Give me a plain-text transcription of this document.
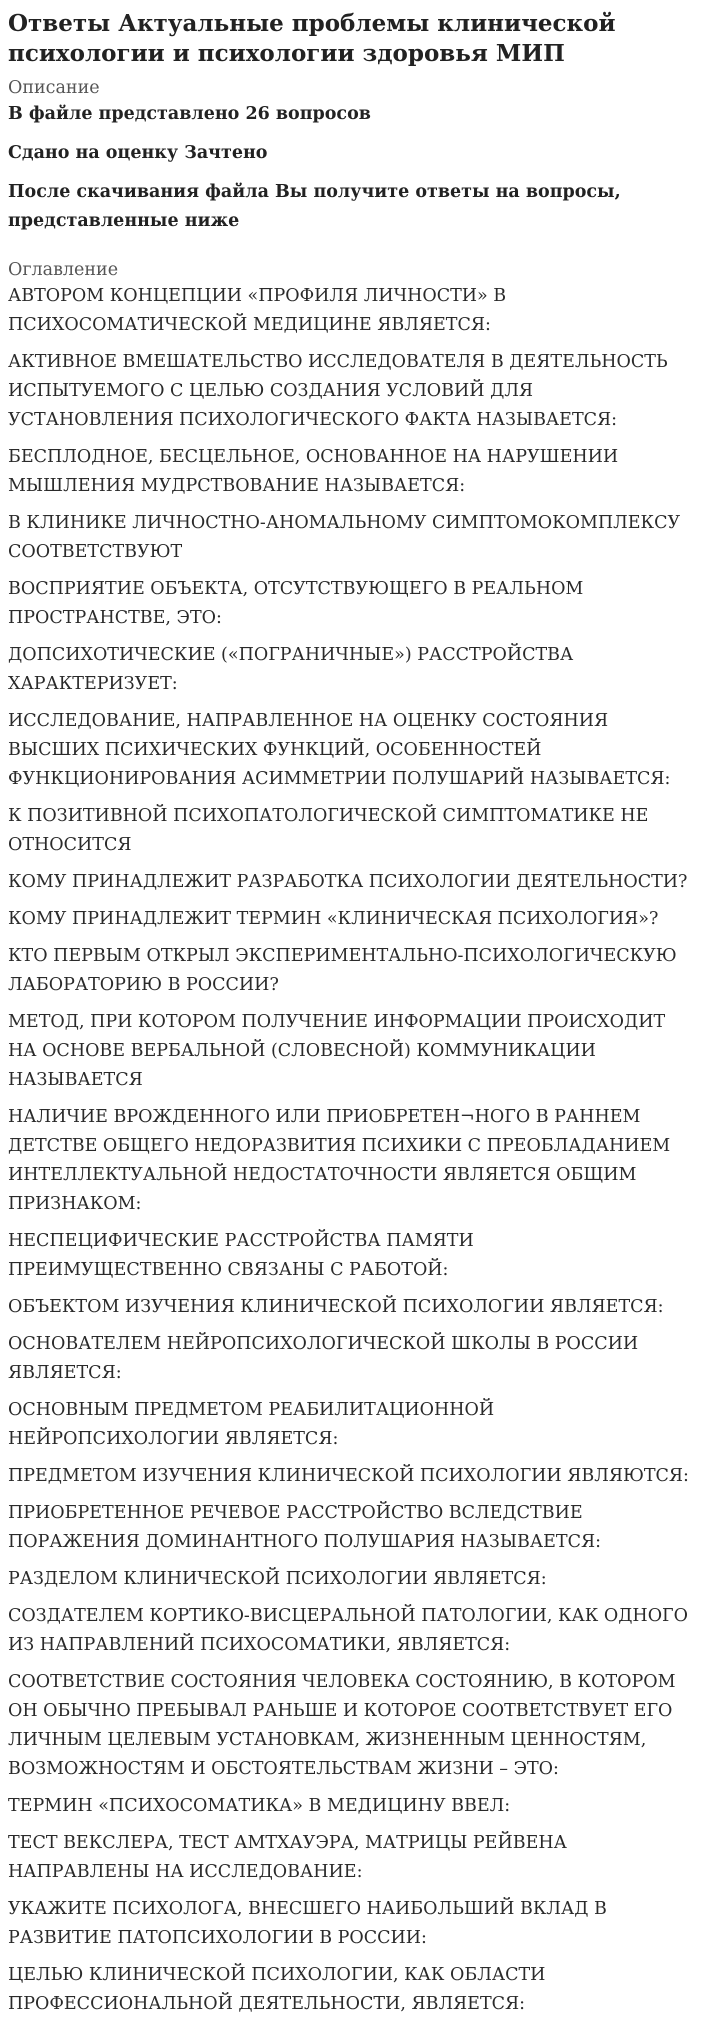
Ответы Актуальные проблемы клинической психологии и психологии здоровья МИП
Описание

В файле представлено 26 вопросов

Сдано на оценку Зачтено

После скачивания файла Вы получите ответы на вопросы, представленные ниже

Оглавление
АВТОРОМ КОНЦЕПЦИИ «ПРОФИЛЯ ЛИЧНОСТИ» В ПСИХОСОМАТИЧЕСКОЙ МЕДИЦИНЕ ЯВЛЯЕТСЯ:
АКТИВНОЕ ВМЕШАТЕЛЬСТВО ИССЛЕДОВАТЕЛЯ В ДЕЯТЕЛЬНОСТЬ ИСПЫТУЕМОГО С ЦЕЛЬЮ СОЗДАНИЯ УСЛОВИЙ ДЛЯ УСТАНОВЛЕНИЯ ПСИХОЛОГИЧЕСКОГО ФАКТА НАЗЫВАЕТСЯ:
БЕСПЛОДНОЕ, БЕСЦЕЛЬНОЕ, ОСНОВАННОЕ НА НАРУШЕНИИ МЫШЛЕНИЯ МУДРСТВОВАНИЕ НАЗЫВАЕТСЯ:
В КЛИНИКЕ ЛИЧНОСТНО-АНОМАЛЬНОМУ СИМПТОМОКОМПЛЕКСУ СООТВЕТСТВУЮТ
ВОСПРИЯТИЕ ОБЪЕКТА, ОТСУТСТВУЮЩЕГО В РЕАЛЬНОМ ПРОСТРАНСТВЕ, ЭТО:
ДОПСИХОТИЧЕСКИЕ («ПОГРАНИЧНЫЕ») РАССТРОЙСТВА ХАРАКТЕРИЗУЕТ:
ИССЛЕДОВАНИЕ, НАПРАВЛЕННОЕ НА ОЦЕНКУ СОСТОЯНИЯ ВЫСШИХ ПСИХИЧЕСКИХ ФУНКЦИЙ, ОСОБЕННОСТЕЙ ФУНКЦИОНИРОВАНИЯ АСИММЕТРИИ ПОЛУШАРИЙ НАЗЫВАЕТСЯ:
К ПОЗИТИВНОЙ ПСИХОПАТОЛОГИЧЕСКОЙ СИМПТОМАТИКЕ НЕ ОТНОСИТСЯ
КОМУ ПРИНАДЛЕЖИТ РАЗРАБОТКА ПСИХОЛОГИИ ДЕЯТЕЛЬНОСТИ?
КОМУ ПРИНАДЛЕЖИТ ТЕРМИН «КЛИНИЧЕСКАЯ ПСИХОЛОГИЯ»?
КТО ПЕРВЫМ ОТКРЫЛ ЭКСПЕРИМЕНТАЛЬНО-ПСИХОЛОГИЧЕСКУЮ ЛАБОРАТОРИЮ В РОССИИ?
МЕТОД, ПРИ КОТОРОМ ПОЛУЧЕНИЕ ИНФОРМАЦИИ ПРОИСХОДИТ НА ОСНОВЕ ВЕРБАЛЬНОЙ (СЛОВЕСНОЙ) КОММУНИКАЦИИ НАЗЫВАЕТСЯ
НАЛИЧИЕ ВРОЖДЕННОГО ИЛИ ПРИОБРЕТЕН¬НОГО В РАННЕМ ДЕТСТВЕ ОБЩЕГО НЕДОРАЗВИТИЯ ПСИХИКИ С ПРЕОБЛАДАНИЕМ ИНТЕЛЛЕКТУАЛЬНОЙ НЕДОСТАТОЧНОСТИ ЯВЛЯЕТСЯ ОБЩИМ ПРИЗНАКОМ:
НЕСПЕЦИФИЧЕСКИЕ РАССТРОЙСТВА ПАМЯТИ ПРЕИМУЩЕСТВЕННО СВЯЗАНЫ С РАБОТОЙ:
ОБЪЕКТОМ ИЗУЧЕНИЯ КЛИНИЧЕСКОЙ ПСИХОЛОГИИ ЯВЛЯЕТСЯ:
ОСНОВАТЕЛЕМ НЕЙРОПСИХОЛОГИЧЕСКОЙ ШКОЛЫ В РОССИИ ЯВЛЯЕТСЯ:
ОСНОВНЫМ ПРЕДМЕТОМ РЕАБИЛИТАЦИОННОЙ НЕЙРОПСИХОЛОГИИ ЯВЛЯЕТСЯ:
ПРЕДМЕТОМ ИЗУЧЕНИЯ КЛИНИЧЕСКОЙ ПСИХОЛОГИИ ЯВЛЯЮТСЯ:
ПРИОБРЕТЕННОЕ РЕЧЕВОЕ РАССТРОЙСТВО ВСЛЕДСТВИЕ ПОРАЖЕНИЯ ДОМИНАНТНОГО ПОЛУШАРИЯ НАЗЫВАЕТСЯ:
РАЗДЕЛОМ КЛИНИЧЕСКОЙ ПСИХОЛОГИИ ЯВЛЯЕТСЯ:
СОЗДАТЕЛЕМ КОРТИКО-ВИСЦЕРАЛЬНОЙ ПАТОЛОГИИ, КАК ОДНОГО ИЗ НАПРАВЛЕНИЙ ПСИХОСОМАТИКИ, ЯВЛЯЕТСЯ:
СООТВЕТСТВИЕ СОСТОЯНИЯ ЧЕЛОВЕКА СОСТОЯНИЮ, В КОТОРОМ ОН ОБЫЧНО ПРЕБЫВАЛ РАНЬШЕ И КОТОРОЕ СООТВЕТСТВУЕТ ЕГО ЛИЧНЫМ ЦЕЛЕВЫМ УСТАНОВКАМ, ЖИЗНЕННЫМ ЦЕННОСТЯМ, ВОЗМОЖНОСТЯМ И ОБСТОЯТЕЛЬСТВАМ ЖИЗНИ – ЭТО:
ТЕРМИН «ПСИХОСОМАТИКА» В МЕДИЦИНУ ВВЕЛ:
ТЕСТ ВЕКСЛЕРА, ТЕСТ АМТХАУЭРА, МАТРИЦЫ РЕЙВЕНА НАПРАВЛЕНЫ НА ИССЛЕДОВАНИЕ:
УКАЖИТЕ ПСИХОЛОГА, ВНЕСШЕГО НАИБОЛЬШИЙ ВКЛАД В РАЗВИТИЕ ПАТОПСИХОЛОГИИ В РОССИИ:
ЦЕЛЬЮ КЛИНИЧЕСКОЙ ПСИХОЛОГИИ, КАК ОБЛАСТИ ПРОФЕССИОНАЛЬНОЙ ДЕЯТЕЛЬНОСТИ, ЯВЛЯЕТСЯ:
